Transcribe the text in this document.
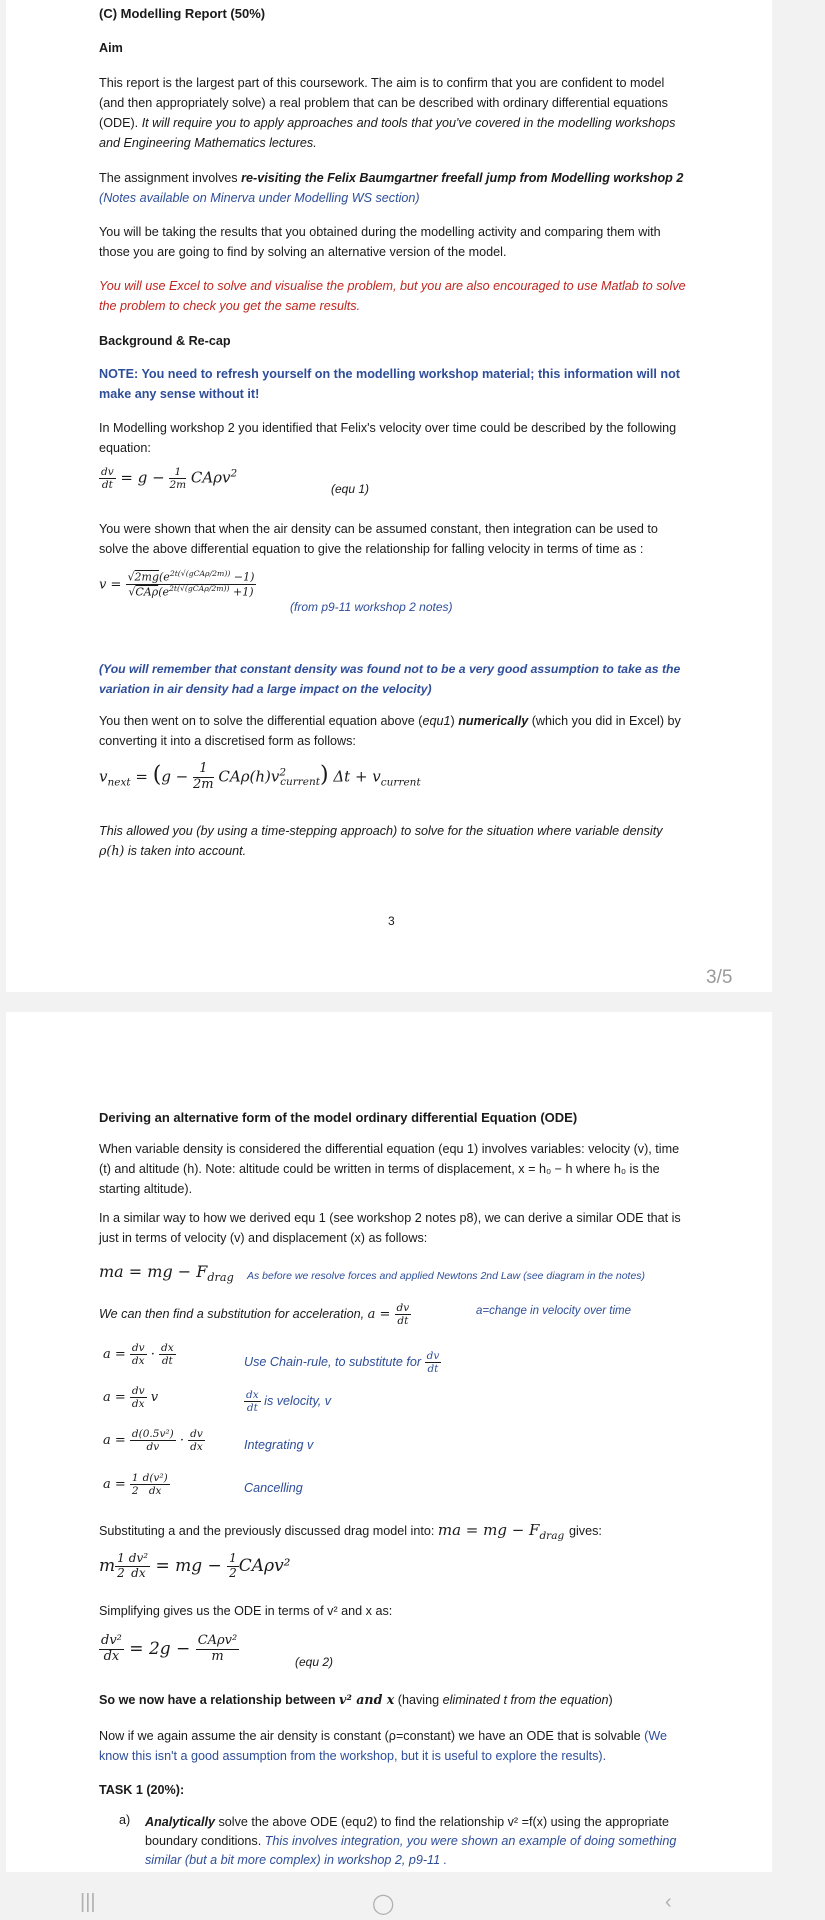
(C) Modelling Report (50%)
Aim
This report is the largest part of this coursework. The aim is to confirm that you are confident to model (and then appropriately solve) a real problem that can be described with ordinary differential equations (ODE). It will require you to apply approaches and tools that you've covered in the modelling workshops and Engineering Mathematics lectures.
The assignment involves re-visiting the Felix Baumgartner freefall jump from Modelling workshop 2 (Notes available on Minerva under Modelling WS section)
You will be taking the results that you obtained during the modelling activity and comparing them with those you are going to find by solving an alternative version of the model.
You will use Excel to solve and visualise the problem, but you are also encouraged to use Matlab to solve the problem to check you get the same results.
Background & Re-cap
NOTE: You need to refresh yourself on the modelling workshop material; this information will not make any sense without it!
In Modelling workshop 2 you identified that Felix's velocity over time could be described by the following equation:
$\frac{dv}{dt} = g - \frac{1}{2m} CA\rho v^2$
(equ 1)
You were shown that when the air density can be assumed constant, then integration can be used to solve the above differential equation to give the relationship for falling velocity in terms of time as :
$v = \frac{√2mg(e^{2t(√(gCA\rho/2m))} -1)}{√CA\rho(e^{2t(√(gCA\rho/2m))} +1)}$
(from p9-11 workshop 2 notes)
(You will remember that constant density was found not to be a very good assumption to take as the variation in air density had a large impact on the velocity)
You then went on to solve the differential equation above (equ1) numerically (which you did in Excel) by converting it into a discretised form as follows:
$v_{next} = (g - \frac{1}{2m} CA\rho(h)v^2_{current}) \Delta t + v_{current}$
This allowed you (by using a time-stepping approach) to solve for the situation where variable density ρ(h) is taken into account.
3
3/5
Deriving an alternative form of the model ordinary differential Equation (ODE)
When variable density is considered the differential equation (equ 1) involves variables: velocity (v), time (t) and altitude (h). Note: altitude could be written in terms of displacement, x = h₀ − h where h₀ is the starting altitude).
In a similar way to how we derived equ 1 (see workshop 2 notes p8), we can derive a similar ODE that is just in terms of velocity (v) and displacement (x) as follows:
ma = mg − $F_{drag}$ As before we resolve forces and applied Newtons 2nd Law (see diagram in the notes)
We can then find a substitution for acceleration, $a = \frac{dv}{dt}$	a=change in velocity over time
$a = \frac{dv}{dx} \cdot \frac{dx}{dt}$	Use Chain-rule, to substitute for $\frac{dv}{dt}$
$a = \frac{dv}{dx}$ v	$\frac{dx}{dt}$ is velocity, v
$a = \frac{\text{d(0.5v²)}}{dv} \cdot \frac{dv}{dx}$	Integrating v
$a = \frac{1}{2} \frac{\text{d(v²)}}{dx}$	Cancelling
Substituting a and the previously discussed drag model into: ma = mg − $F_{drag}$ gives:
m $\frac{1}{2} \frac{\text{dv²}}{dx}$ = mg − $\frac{1}{2} CA\rho v^2$
Simplifying gives us the ODE in terms of v² and x as:
$\frac{\text{dv²}}{dx} = 2g - \frac{\text{CAρv²}}{m}$	(equ 2)
So we now have a relationship between v² and x (having eliminated t from the equation)
Now if we again assume the air density is constant (ρ=constant) we have an ODE that is solvable (We know this isn't a good assumption from the workshop, but it is useful to explore the results).
TASK 1 (20%):
a) Analytically solve the above ODE (equ2) to find the relationship v² =f(x) using the appropriate boundary conditions. This involves integration, you were shown an example of doing something similar (but a bit more complex) in workshop 2, p9-11 .
|||	◯	‹
